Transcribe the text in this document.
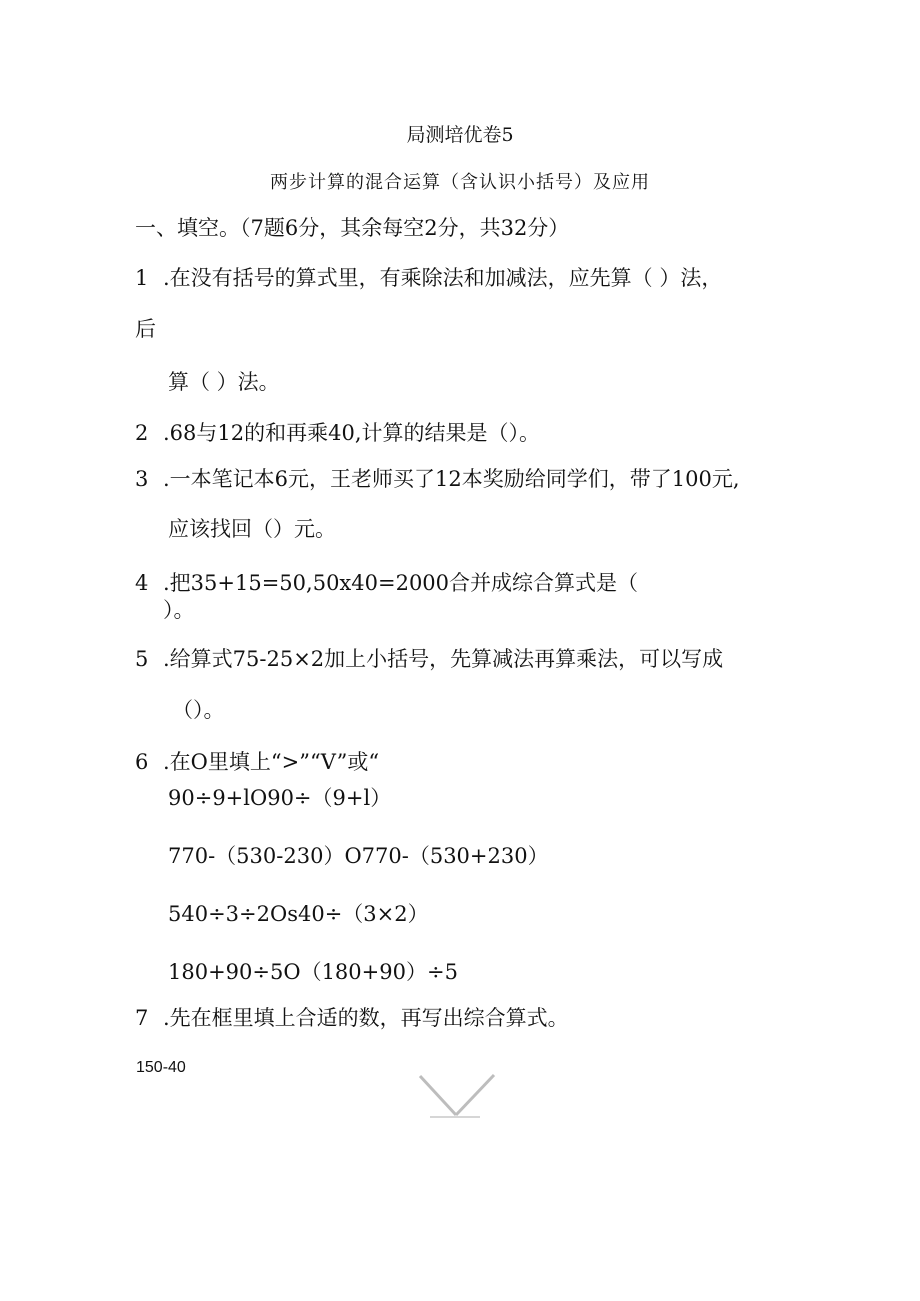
局测培优卷5
两步计算的混合运算（含认识小括号）及应用
一、填空。（7题6分，其余每空2分，共32分）
1 .在没有括号的算式里，有乘除法和加减法，应先算（ ）法，
后
算（ ）法。
2 .68与12的和再乘40,计算的结果是（）。
3 .一本笔记本6元，王老师买了12本奖励给同学们，带了100元,
应该找回（）元。
4 .把35+15=50,50x40=2000合并成综合算式是（
）。
5 .给算式75-25×2加上小括号，先算减法再算乘法，可以写成
（）。
6 .在O里填上“>”“V”或“
90÷9+lO90÷（9+l）
770-（530-230）O770-（530+230）
540÷3÷2Os40÷（3×2）
180+90÷5O（180+90）÷5
7 .先在框里填上合适的数，再写出综合算式。
150-40
